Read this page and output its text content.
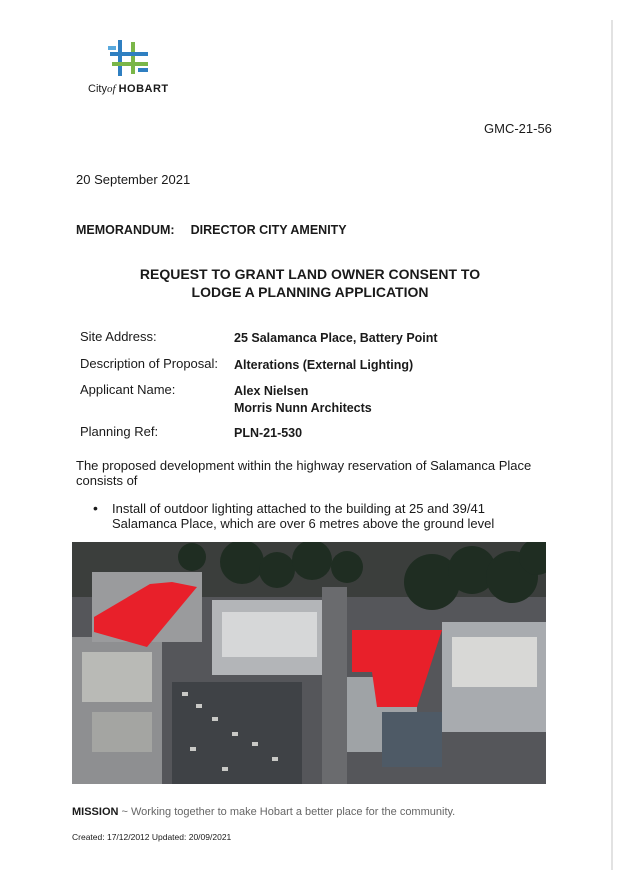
Cityof HOBART
GMC-21-56
20 September 2021
MEMORANDUM: DIRECTOR CITY AMENITY
REQUEST TO GRANT LAND OWNER CONSENT TO
LODGE A PLANNING APPLICATION
Site Address:	25 Salamanca Place, Battery Point
Description of Proposal: Alterations (External Lighting)
Applicant Name:	Alex Nielsen
Morris Nunn Architects
Planning Ref:	PLN-21-530
The proposed development within the highway reservation of Salamanca Place consists of
• Install of outdoor lighting attached to the building at 25 and 39/41 Salamanca Place, which are over 6 metres above the ground level
MISSION ~ Working together to make Hobart a better place for the community.
Created: 17/12/2012 Updated: 20/09/2021
